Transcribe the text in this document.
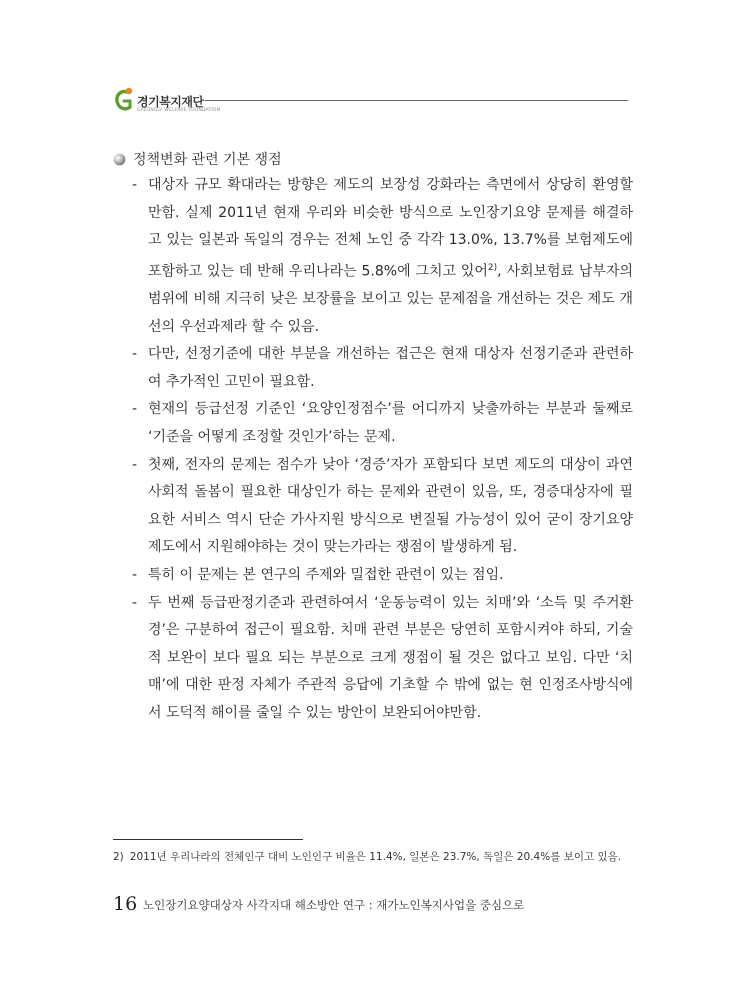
경기복지재단
GYEONGGI WELFARE FOUNDATION
정책변화 관련 기본 쟁점
- 대상자 규모 확대라는 방향은 제도의 보장성 강화라는 측면에서 상당히 환영할 만함. 실제 2011년 현재 우리와 비슷한 방식으로 노인장기요양 문제를 해결하고 있는 일본과 독일의 경우는 전체 노인 중 각각 13.0%, 13.7%를 보험제도에 포함하고 있는 데 반해 우리나라는 5.8%에 그치고 있어$^{2)}$, 사회보험료 납부자의 범위에 비해 지극히 낮은 보장률을 보이고 있는 문제점을 개선하는 것은 제도 개선의 우선과제라 할 수 있음.
- 다만, 선정기준에 대한 부분을 개선하는 접근은 현재 대상자 선정기준과 관련하여 추가적인 고민이 필요함.
- 현재의 등급선정 기준인 ‘요양인정점수’를 어디까지 낮출까하는 부분과 둘째로 ‘기준을 어떻게 조정할 것인가’하는 문제.
- 첫째, 전자의 문제는 점수가 낮아 ‘경증’자가 포함되다 보면 제도의 대상이 과연 사회적 돌봄이 필요한 대상인가 하는 문제와 관련이 있음, 또, 경증대상자에 필요한 서비스 역시 단순 가사지원 방식으로 변질될 가능성이 있어 굳이 장기요양제도에서 지원해야하는 것이 맞는가라는 쟁점이 발생하게 됨.
- 특히 이 문제는 본 연구의 주제와 밀접한 관련이 있는 점임.
- 두 번째 등급판정기준과 관련하여서 ‘운동능력이 있는 치매’와 ‘소득 및 주거환경’은 구분하여 접근이 필요함. 치매 관련 부분은 당연히 포함시켜야 하되, 기술적 보완이 보다 필요 되는 부분으로 크게 쟁점이 될 것은 없다고 보임. 다만 ‘치매’에 대한 판정 자체가 주관적 응답에 기초할 수 밖에 없는 현 인정조사방식에서 도덕적 해이를 줄일 수 있는 방안이 보완되어야만함.
2) 2011년 우리나라의 전체인구 대비 노인인구 비율은 11.4%, 일본은 23.7%, 독일은 20.4%를 보이고 있음.
16 노인장기요양대상자 사각지대 해소방안 연구 : 재가노인복지사업을 중심으로
